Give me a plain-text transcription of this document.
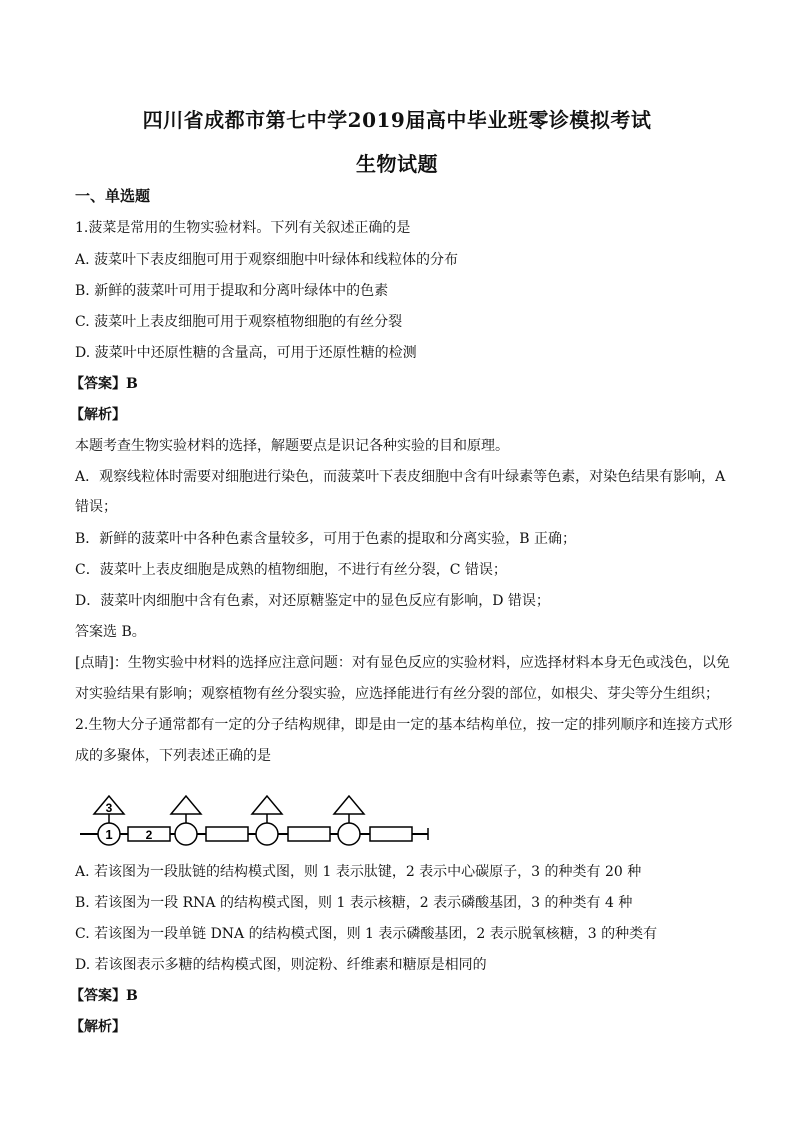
四川省成都市第七中学2019届高中毕业班零诊模拟考试
生物试题
一、单选题
1.菠菜是常用的生物实验材料。下列有关叙述正确的是
A. 菠菜叶下表皮细胞可用于观察细胞中叶绿体和线粒体的分布
B. 新鲜的菠菜叶可用于提取和分离叶绿体中的色素
C. 菠菜叶上表皮细胞可用于观察植物细胞的有丝分裂
D. 菠菜叶中还原性糖的含量高，可用于还原性糖的检测
【答案】B
【解析】
本题考查生物实验材料的选择，解题要点是识记各种实验的目和原理。
A．观察线粒体时需要对细胞进行染色，而菠菜叶下表皮细胞中含有叶绿素等色素，对染色结果有影响，A
错误；
B．新鲜的菠菜叶中各种色素含量较多，可用于色素的提取和分离实验，B 正确；
C．菠菜叶上表皮细胞是成熟的植物细胞，不进行有丝分裂，C 错误；
D．菠菜叶肉细胞中含有色素，对还原糖鉴定中的显色反应有影响，D 错误；
答案选 B。
[点睛]：生物实验中材料的选择应注意问题：对有显色反应的实验材料，应选择材料本身无色或浅色，以免
对实验结果有影响；观察植物有丝分裂实验，应选择能进行有丝分裂的部位，如根尖、芽尖等分生组织；
2.生物大分子通常都有一定的分子结构规律，即是由一定的基本结构单位，按一定的排列顺序和连接方式形
成的多聚体，下列表述正确的是
3
1	2
A. 若该图为一段肽链的结构模式图，则 1 表示肽键，2 表示中心碳原子，3 的种类有 20 种
B. 若该图为一段 RNA 的结构模式图，则 1 表示核糖，2 表示磷酸基团，3 的种类有 4 种
C. 若该图为一段单链 DNA 的结构模式图，则 1 表示磷酸基团，2 表示脱氧核糖，3 的种类有
D. 若该图表示多糖的结构模式图，则淀粉、纤维素和糖原是相同的
【答案】B
【解析】
